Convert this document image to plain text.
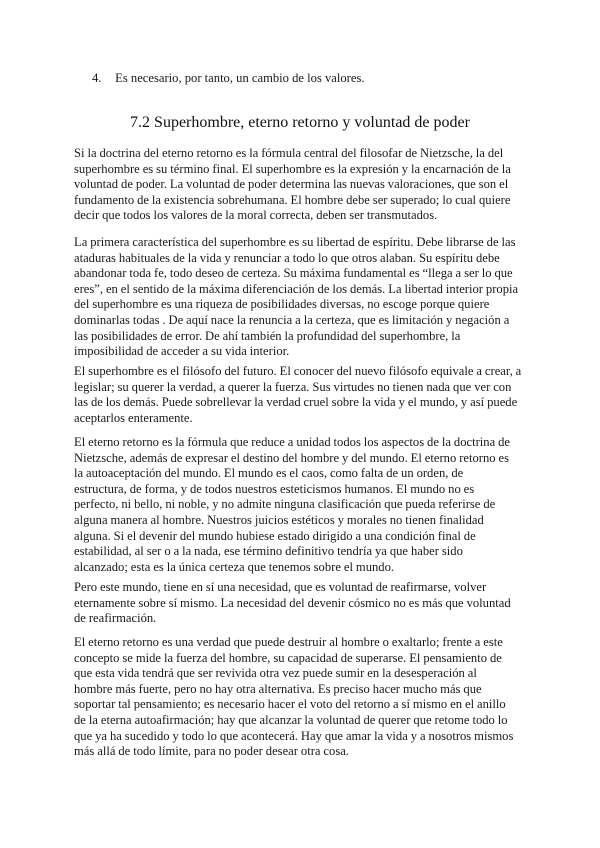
4. Es necesario, por tanto, un cambio de los valores.
7.2 Superhombre, eterno retorno y voluntad de poder
Si la doctrina del eterno retorno es la fórmula central del filosofar de Nietzsche, la del
superhombre es su término final. El superhombre es la expresión y la encarnación de la
voluntad de poder. La voluntad de poder determina las nuevas valoraciones, que son el
fundamento de la existencia sobrehumana. El hombre debe ser superado; lo cual quiere
decir que todos los valores de la moral correcta, deben ser transmutados.
La primera característica del superhombre es su libertad de espíritu. Debe librarse de las
ataduras habituales de la vida y renunciar a todo lo que otros alaban. Su espíritu debe
abandonar toda fe, todo deseo de certeza. Su máxima fundamental es “llega a ser lo que
eres”, en el sentido de la máxima diferenciación de los demás. La libertad interior propia
del superhombre es una riqueza de posibilidades diversas, no escoge porque quiere
dominarlas todas . De aquí nace la renuncia a la certeza, que es limitación y negación a
las posibilidades de error. De ahí también la profundidad del superhombre, la
imposibilidad de acceder a su vida interior.
El superhombre es el filósofo del futuro. El conocer del nuevo filósofo equivale a crear, a
legislar; su querer la verdad, a querer la fuerza. Sus virtudes no tienen nada que ver con
las de los demás. Puede sobrellevar la verdad cruel sobre la vida y el mundo, y así puede
aceptarlos enteramente.
El eterno retorno es la fórmula que reduce a unidad todos los aspectos de la doctrina de
Nietzsche, además de expresar el destino del hombre y del mundo. El eterno retorno es
la autoaceptación del mundo. El mundo es el caos, como falta de un orden, de
estructura, de forma, y de todos nuestros esteticismos humanos. El mundo no es
perfecto, ni bello, ni noble, y no admite ninguna clasificación que pueda referirse de
alguna manera al hombre. Nuestros juicios estéticos y morales no tienen finalidad
alguna. Si el devenir del mundo hubiese estado dirigido a una condición final de
estabilidad, al ser o a la nada, ese término definitivo tendría ya que haber sido
alcanzado; esta es la única certeza que tenemos sobre el mundo.
Pero este mundo, tiene en sí una necesidad, que es voluntad de reafirmarse, volver
eternamente sobre sí mismo. La necesidad del devenir cósmico no es más que voluntad
de reafirmación.
El eterno retorno es una verdad que puede destruir al hombre o exaltarlo; frente a este
concepto se mide la fuerza del hombre, su capacidad de superarse. El pensamiento de
que esta vida tendrá que ser revivida otra vez puede sumir en la desesperación al
hombre más fuerte, pero no hay otra alternativa. Es preciso hacer mucho más que
soportar tal pensamiento; es necesario hacer el voto del retorno a sí mismo en el anillo
de la eterna autoafirmación; hay que alcanzar la voluntad de querer que retome todo lo
que ya ha sucedido y todo lo que acontecerá. Hay que amar la vida y a nosotros mismos
más allá de todo límite, para no poder desear otra cosa.
